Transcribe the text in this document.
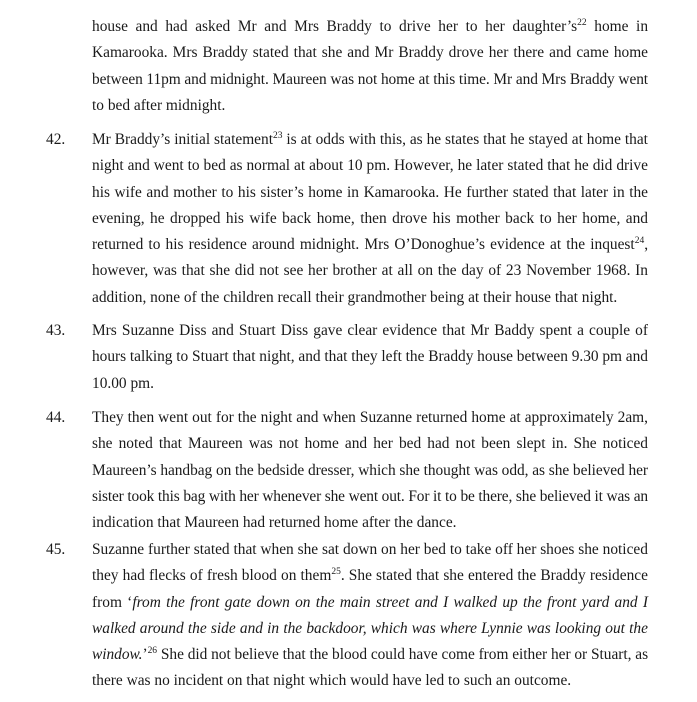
house and had asked Mr and Mrs Braddy to drive her to her $daughter’s^{22}$ home in
Kamarooka. Mrs Braddy stated that she and Mr Braddy drove her there and came home
between 11pm and midnight. Maureen was not home at this time. Mr and Mrs Braddy went
to bed after midnight.
42. Mr Braddy’s initial statement$^{23}$ is at odds with this, as he states that he stayed at home that
night and went to bed as normal at about 10 pm. However, he later stated that he did drive
his wife and mother to his sister’s home in Kamarooka. He further stated that later in the
evening, he dropped his wife back home, then drove his mother back to her home, and
returned to his residence around midnight. Mrs O’Donoghue’s evidence at the inquest$^{24}$,
however, was that she did not see her brother at all on the day of 23 November 1968. In
addition, none of the children recall their grandmother being at their house that night.
43. Mrs Suzanne Diss and Stuart Diss gave clear evidence that Mr Baddy spent a couple of
hours talking to Stuart that night, and that they left the Braddy house between 9.30 pm and
10.00 pm.
44. They then went out for the night and when Suzanne returned home at approximately 2am,
she noted that Maureen was not home and her bed had not been slept in. She noticed
Maureen’s handbag on the bedside dresser, which she thought was odd, as she believed her
sister took this bag with her whenever she went out. For it to be there, she believed it was an
indication that Maureen had returned home after the dance.
45. Suzanne further stated that when she sat down on her bed to take off her shoes she noticed
they had flecks of fresh blood on them$^{25}$. She stated that she entered the Braddy residence
from ‘from the front gate down on the main street and I walked up the front yard and I
walked around the side and in the backdoor, which was where Lynnie was looking out the
window.’$^{26}$ She did not believe that the blood could have come from either her or Stuart, as
there was no incident on that night which would have led to such an outcome.
